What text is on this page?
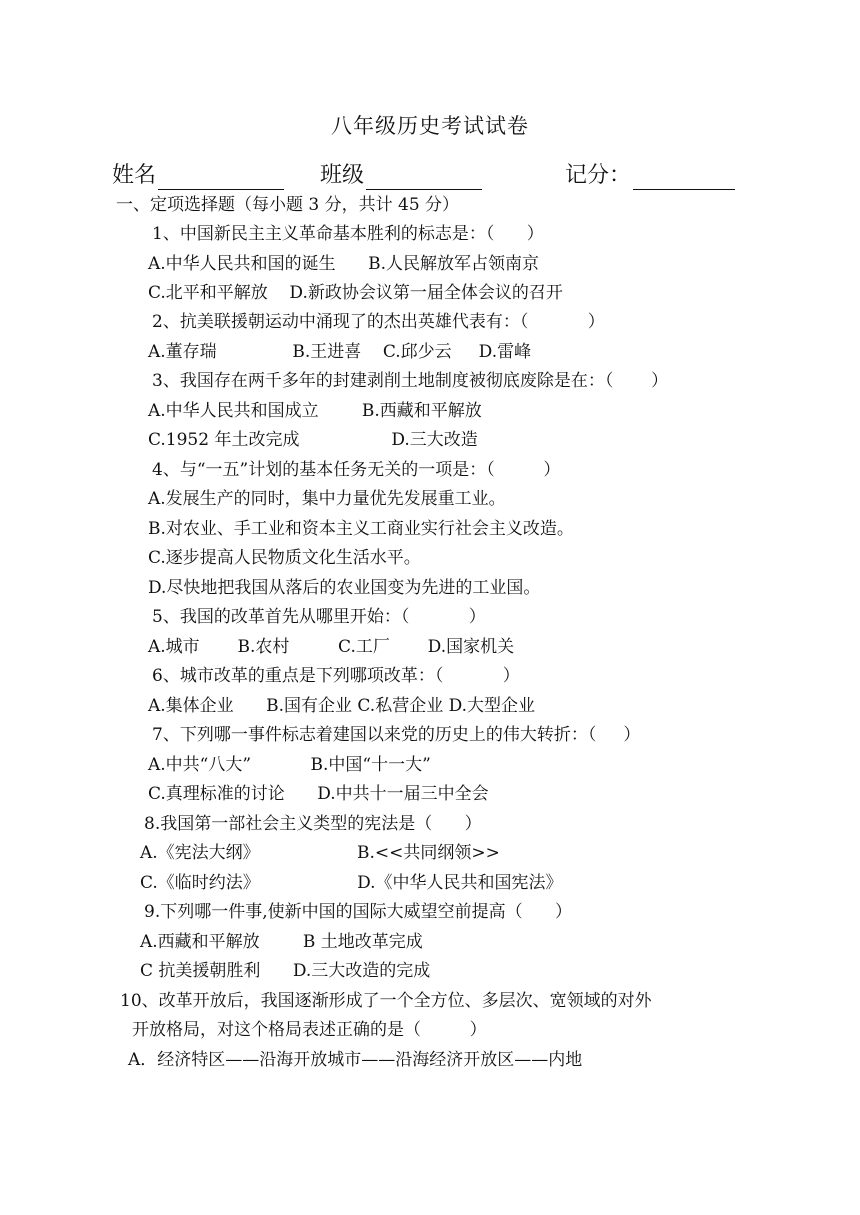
八年级历史考试试卷
姓名	班级	记分：
一、定项选择题（每小题 3 分，共计 45 分）
1、中国新民主主义革命基本胜利的标志是：（      ）
A.中华人民共和国的诞生      B.人民解放军占领南京
C.北平和平解放    D.新政协会议第一届全体会议的召开
2、抗美联援朝运动中涌现了的杰出英雄代表有：（           ）
A.董存瑞              B.王进喜    C.邱少云     D.雷峰
3、我国存在两千多年的封建剥削土地制度被彻底废除是在：（       ）
A.中华人民共和国成立        B.西藏和平解放
C.1952 年土改完成                 D.三大改造
4、与“一五”计划的基本任务无关的一项是：（         ）
A.发展生产的同时，集中力量优先发展重工业。
B.对农业、手工业和资本主义工商业实行社会主义改造。
C.逐步提高人民物质文化生活水平。
D.尽快地把我国从落后的农业国变为先进的工业国。
5、我国的改革首先从哪里开始：（           ）
A.城市       B.农村         C.工厂       D.国家机关
6、城市改革的重点是下列哪项改革：（           ）
A.集体企业      B.国有企业 C.私营企业 D.大型企业
7、下列哪一事件标志着建国以来党的历史上的伟大转折：（     ）
A.中共“八大”           B.中国“十一大”
C.真理标准的讨论      D.中共十一届三中全会
8.我国第一部社会主义类型的宪法是（      ）
A.《宪法大纲》                  B.<<共同纲领>>
C.《临时约法》                  D.《中华人民共和国宪法》
9.下列哪一件事,使新中国的国际大威望空前提高（      ）
A.西藏和平解放        B 土地改革完成
C 抗美援朝胜利      D.三大改造的完成
10、改革开放后，我国逐渐形成了一个全方位、多层次、宽领域的对外
开放格局，对这个格局表述正确的是（         ）
A．经济特区——沿海开放城市——沿海经济开放区——内地
